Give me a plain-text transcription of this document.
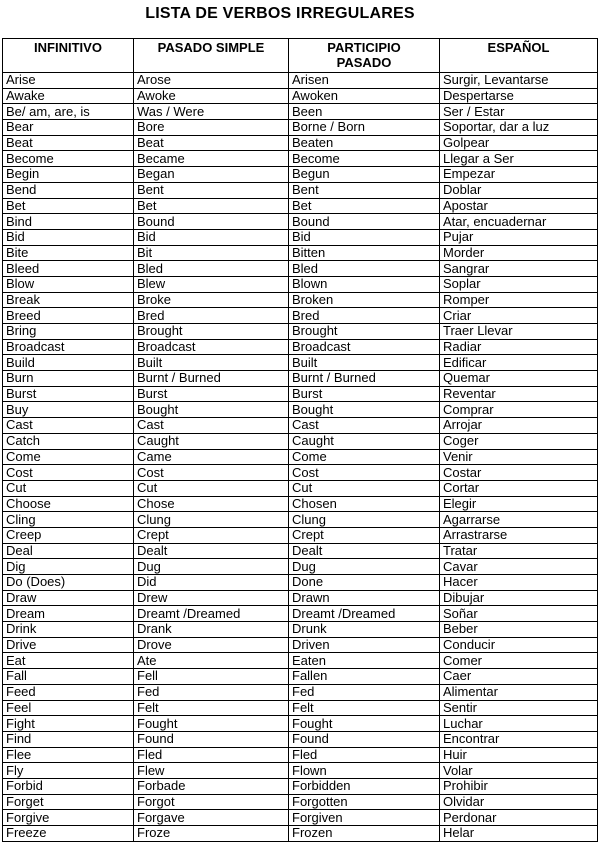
LISTA DE VERBOS IRREGULARES
INFINITIVO	PASADO SIMPLE	PARTICIPIO PASADO	ESPAÑOL

Arise	Arose	Arisen	Surgir, Levantarse
Awake	Awoke	Awoken	Despertarse
Be/ am, are, is	Was / Were	Been	Ser / Estar
Bear	Bore	Borne / Born	Soportar, dar a luz
Beat	Beat	Beaten	Golpear
Become	Became	Become	Llegar a Ser
Begin	Began	Begun	Empezar
Bend	Bent	Bent	Doblar
Bet	Bet	Bet	Apostar
Bind	Bound	Bound	Atar, encuadernar
Bid	Bid	Bid	Pujar
Bite	Bit	Bitten	Morder
Bleed	Bled	Bled	Sangrar
Blow	Blew	Blown	Soplar
Break	Broke	Broken	Romper
Breed	Bred	Bred	Criar
Bring	Brought	Brought	Traer Llevar
Broadcast	Broadcast	Broadcast	Radiar
Build	Built	Built	Edificar
Burn	Burnt / Burned	Burnt / Burned	Quemar
Burst	Burst	Burst	Reventar
Buy	Bought	Bought	Comprar
Cast	Cast	Cast	Arrojar
Catch	Caught	Caught	Coger
Come	Came	Come	Venir
Cost	Cost	Cost	Costar
Cut	Cut	Cut	Cortar
Choose	Chose	Chosen	Elegir
Cling	Clung	Clung	Agarrarse
Creep	Crept	Crept	Arrastrarse
Deal	Dealt	Dealt	Tratar
Dig	Dug	Dug	Cavar
Do (Does)	Did	Done	Hacer
Draw	Drew	Drawn	Dibujar
Dream	Dreamt /Dreamed	Dreamt /Dreamed	Soñar
Drink	Drank	Drunk	Beber
Drive	Drove	Driven	Conducir
Eat	Ate	Eaten	Comer
Fall	Fell	Fallen	Caer
Feed	Fed	Fed	Alimentar
Feel	Felt	Felt	Sentir
Fight	Fought	Fought	Luchar
Find	Found	Found	Encontrar
Flee	Fled	Fled	Huir
Fly	Flew	Flown	Volar
Forbid	Forbade	Forbidden	Prohibir
Forget	Forgot	Forgotten	Olvidar
Forgive	Forgave	Forgiven	Perdonar
Freeze	Froze	Frozen	Helar
